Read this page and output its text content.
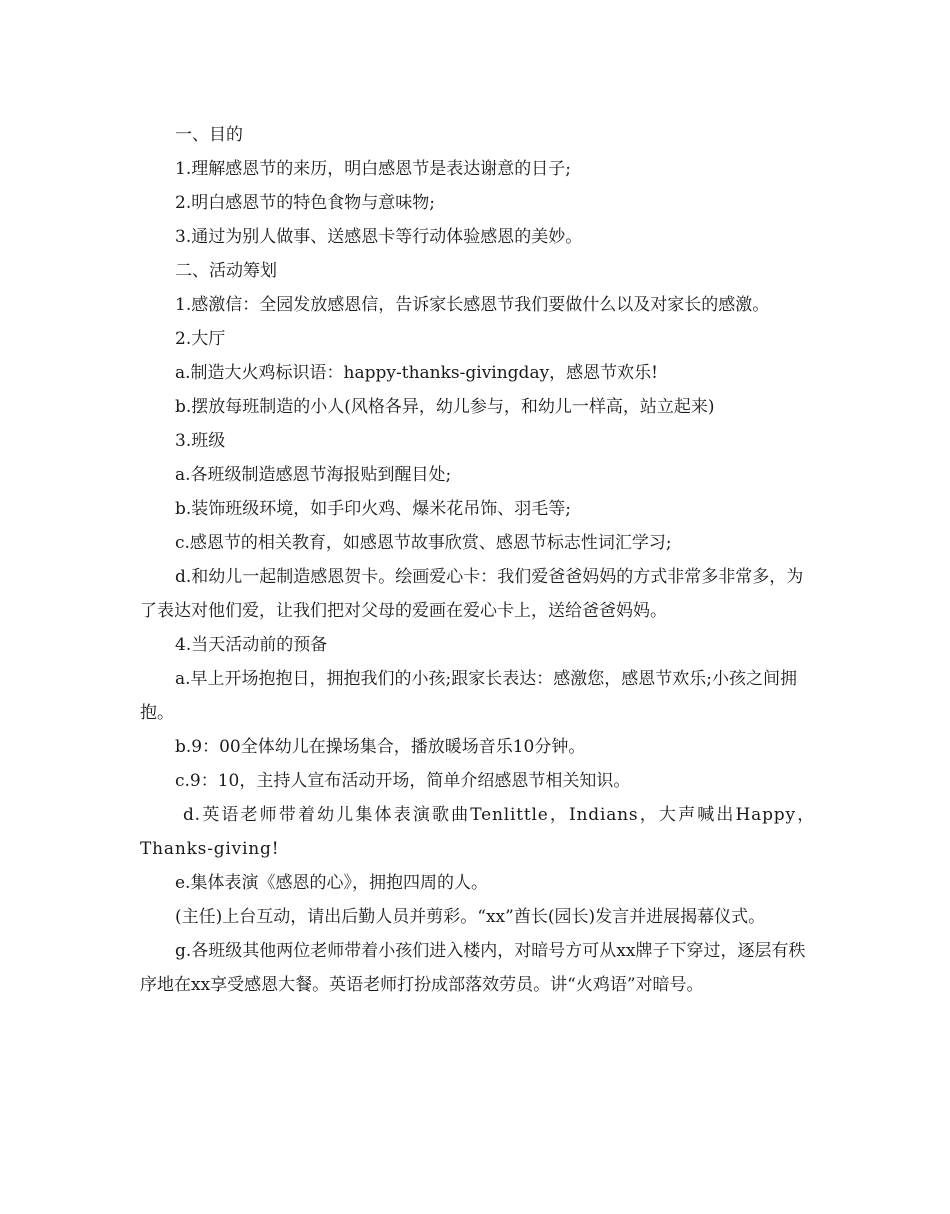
一、目的

1.理解感恩节的来历，明白感恩节是表达谢意的日子;

2.明白感恩节的特色食物与意味物;

3.通过为别人做事、送感恩卡等行动体验感恩的美妙。

二、活动筹划

1.感激信：全园发放感恩信，告诉家长感恩节我们要做什么以及对家长的感激。

2.大厅

a.制造大火鸡标识语：happy-thanks-givingday，感恩节欢乐!

b.摆放每班制造的小人(风格各异，幼儿参与，和幼儿一样高，站立起来)

3.班级

a.各班级制造感恩节海报贴到醒目处;

b.装饰班级环境，如手印火鸡、爆米花吊饰、羽毛等;

c.感恩节的相关教育，如感恩节故事欣赏、感恩节标志性词汇学习;

d.和幼儿一起制造感恩贺卡。绘画爱心卡：我们爱爸爸妈妈的方式非常多非常多，为了表达对他们爱，让我们把对父母的爱画在爱心卡上，送给爸爸妈妈。

4.当天活动前的预备

a.早上开场抱抱日，拥抱我们的小孩;跟家长表达：感激您，感恩节欢乐;小孩之间拥抱。

b.9：00全体幼儿在操场集合，播放暖场音乐10分钟。

c.9：10，主持人宣布活动开场，简单介绍感恩节相关知识。

d.英语老师带着幼儿集体表演歌曲Tenlittle，Indians，大声喊出Happy，Thanks-giving!

e.集体表演《感恩的心》，拥抱四周的人。

(主任)上台互动，请出后勤人员并剪彩。“xx”酋长(园长)发言并进展揭幕仪式。

g.各班级其他两位老师带着小孩们进入楼内，对暗号方可从xx牌子下穿过，逐层有秩序地在xx享受感恩大餐。英语老师打扮成部落效劳员。讲“火鸡语”对暗号。
